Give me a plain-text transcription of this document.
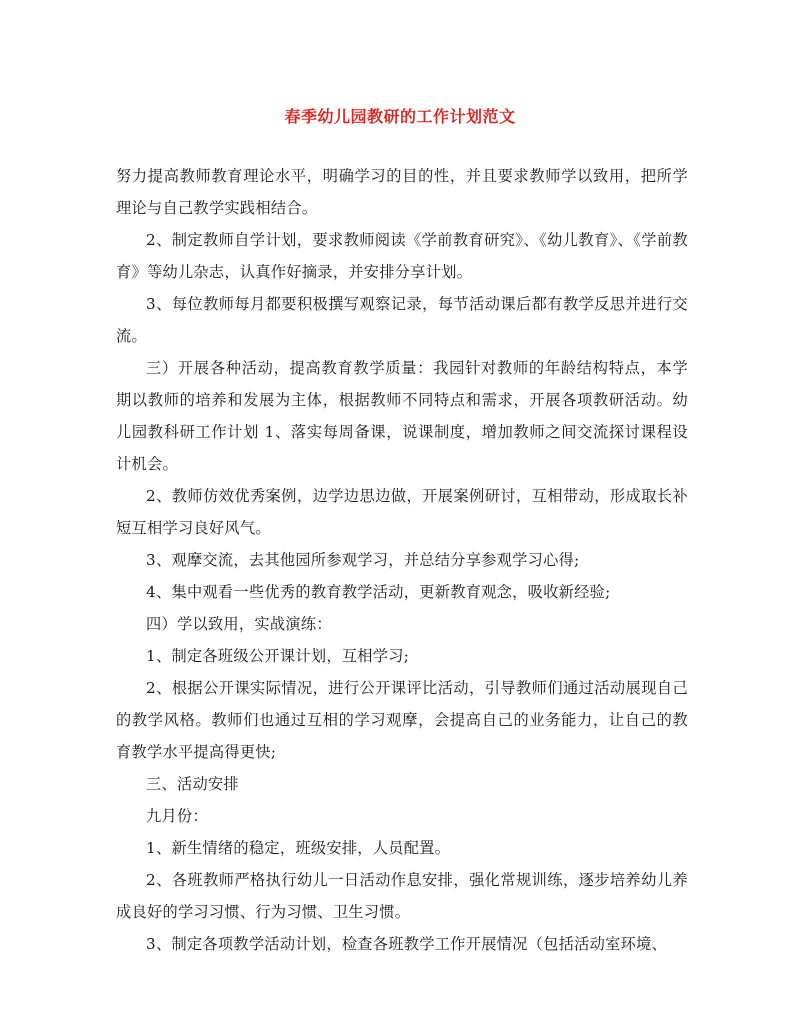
春季幼儿园教研的工作计划范文

努力提高教师教育理论水平，明确学习的目的性，并且要求教师学以致用，把所学理论与自己教学实践相结合。

2、制定教师自学计划，要求教师阅读《学前教育研究》、《幼儿教育》、《学前教育》等幼儿杂志，认真作好摘录，并安排分享计划。

3、每位教师每月都要积极撰写观察记录，每节活动课后都有教学反思并进行交流。

三）开展各种活动，提高教育教学质量：我园针对教师的年龄结构特点，本学期以教师的培养和发展为主体，根据教师不同特点和需求，开展各项教研活动。幼儿园教科研工作计划 1、落实每周备课，说课制度，增加教师之间交流探讨课程设计机会。

2、教师仿效优秀案例，边学边思边做，开展案例研讨，互相带动，形成取长补短互相学习良好风气。

3、观摩交流，去其他园所参观学习，并总结分享参观学习心得;

4、集中观看一些优秀的教育教学活动，更新教育观念，吸收新经验;

四）学以致用，实战演练：

1、制定各班级公开课计划，互相学习;

2、根据公开课实际情况，进行公开课评比活动，引导教师们通过活动展现自己的教学风格。教师们也通过互相的学习观摩，会提高自己的业务能力，让自己的教育教学水平提高得更快;

三、活动安排

九月份：

1、新生情绪的稳定，班级安排，人员配置。

2、各班教师严格执行幼儿一日活动作息安排，强化常规训练，逐步培养幼儿养成良好的学习习惯、行为习惯、卫生习惯。

3、制定各项教学活动计划，检查各班教学工作开展情况（包括活动室环境、
